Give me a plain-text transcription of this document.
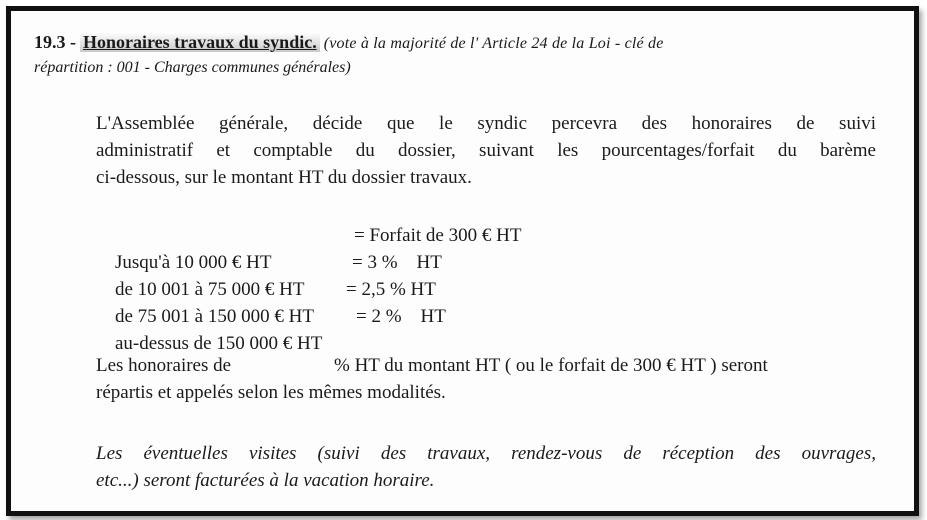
19.3 - Honoraires travaux du syndic. (vote à la majorité de l' Article 24 de la Loi - clé de
répartition : 001 - Charges communes générales)
L'Assemblée générale, décide que le syndic percevra des honoraires de suivi
administratif et comptable du dossier, suivant les pourcentages/forfait du barème
ci-dessous, sur le montant HT du dossier travaux.

Jusqu'à 10 000 € HT

= Forfait de 300 € HT

de 10 001 à 75 000 € HT

= 3 %    HT

de 75 001 à 150 000 € HT

= 2,5 % HT

au-dessus de 150 000 € HT

= 2 %    HT

Les honoraires de	% HT du montant HT ( ou le forfait de 300 € HT ) seront
répartis et appelés selon les mêmes modalités.
Les éventuelles visites (suivi des travaux, rendez-vous de réception des ouvrages,
etc...) seront facturées à la vacation horaire.
